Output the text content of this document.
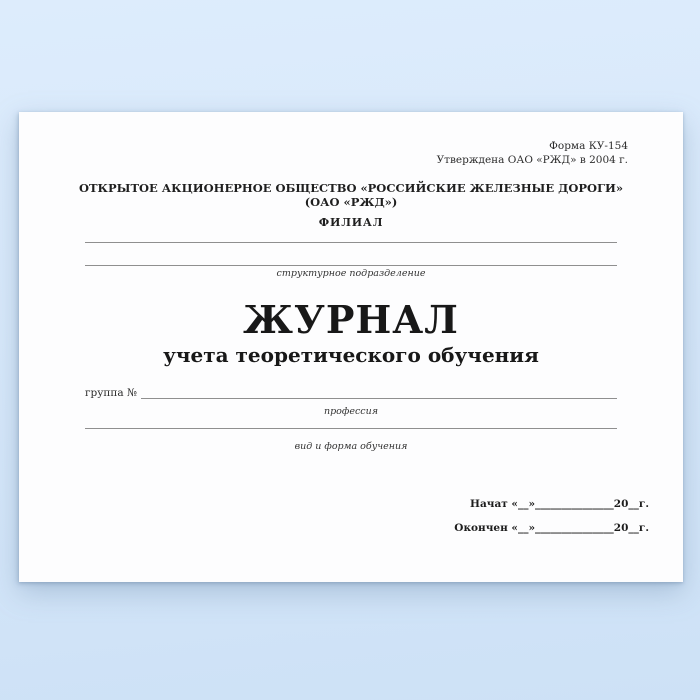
Форма КУ-154
Утверждена ОАО «РЖД» в 2004 г.
ОТКРЫТОЕ АКЦИОНЕРНОЕ ОБЩЕСТВО «РОССИЙСКИЕ ЖЕЛЕЗНЫЕ ДОРОГИ»
(ОАО «РЖД»)
ФИЛИАЛ
структурное подразделение
ЖУРНАЛ
учета теоретического обучения
группа №
профессия
вид и форма обучения
Начат «__»_______________20__г.
Окончен «__»_______________20__г.
